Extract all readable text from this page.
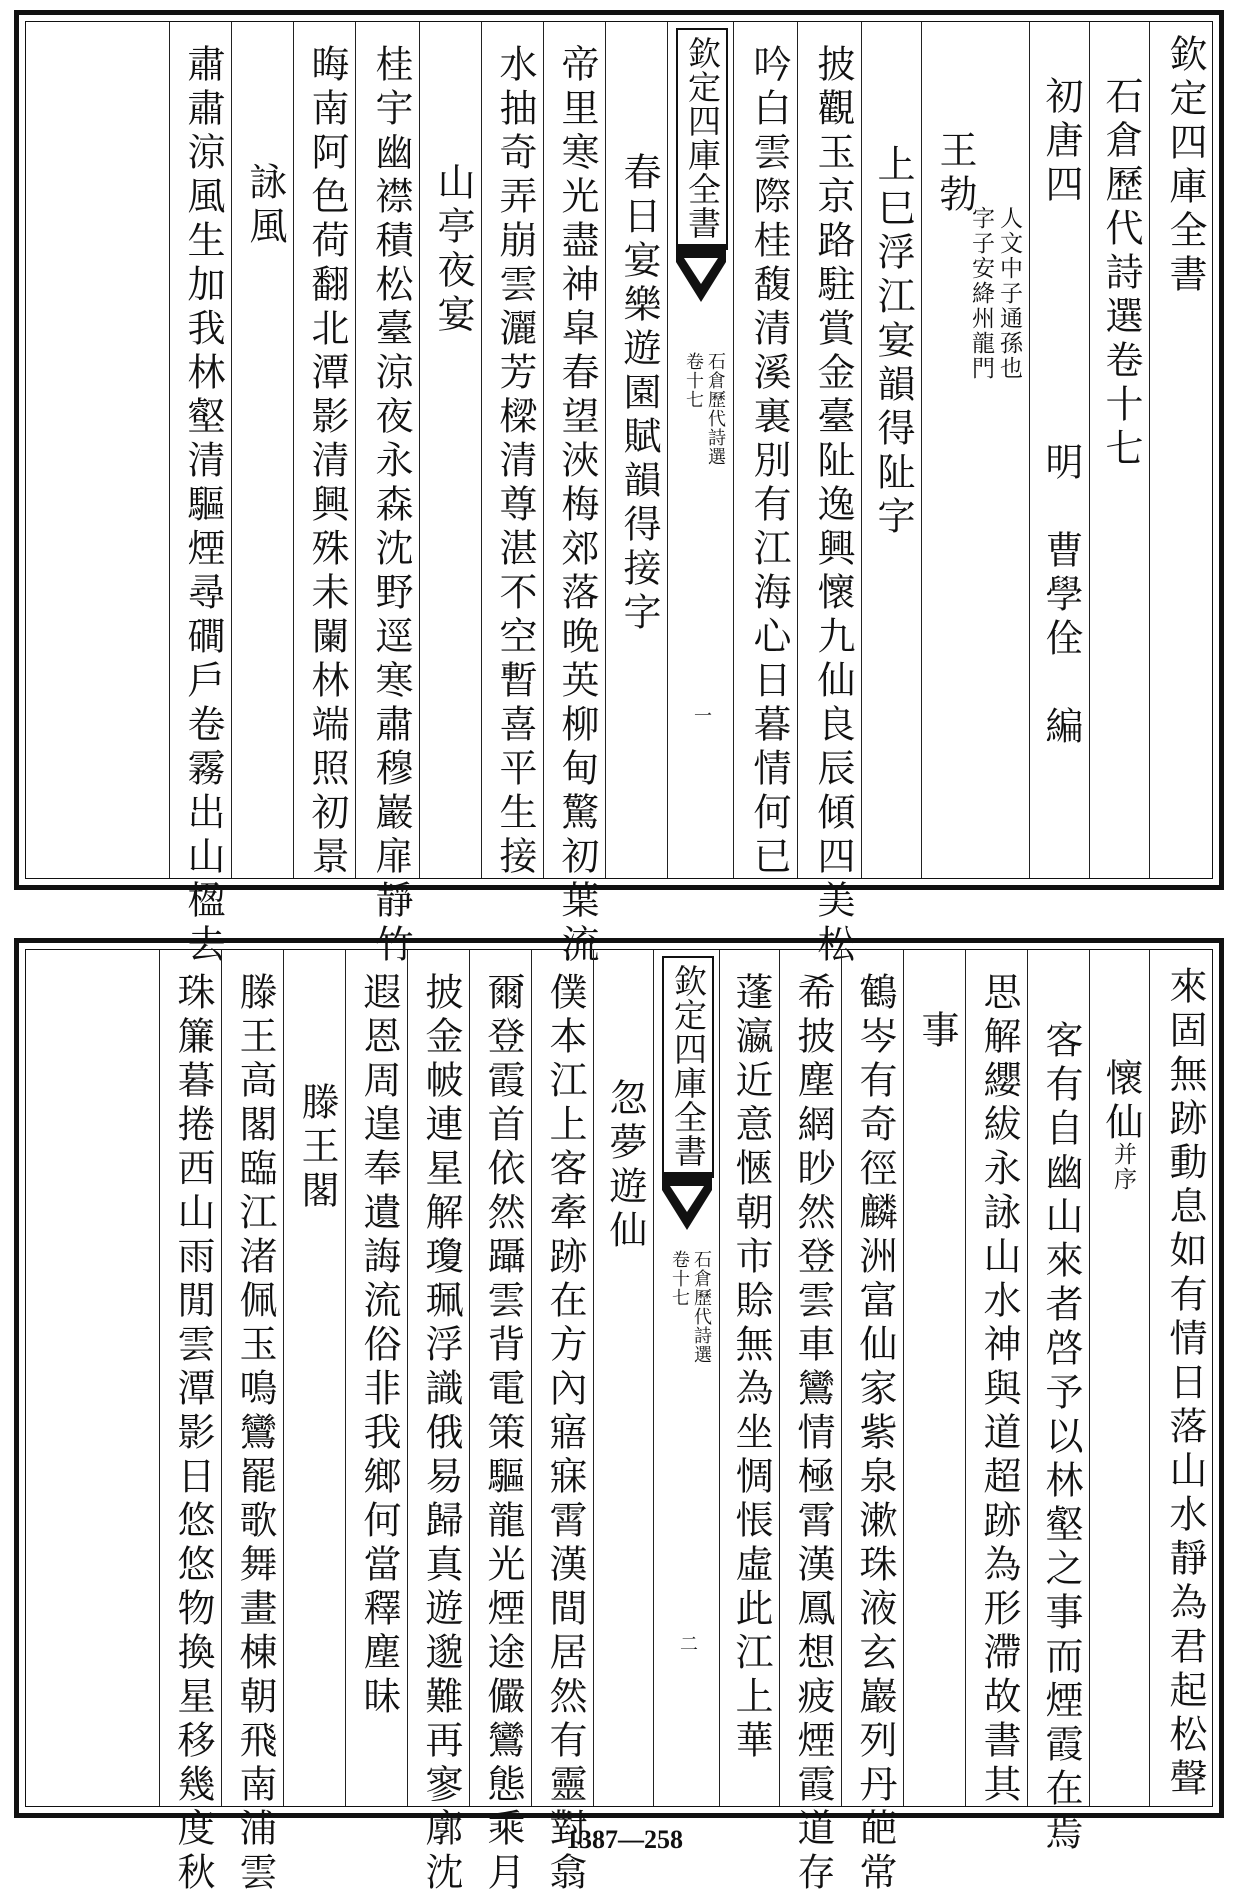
欽定四庫全書
石倉歷代詩選卷十七
初唐四
明　曹學佺　編
王勃
字子安絳州龍門 人文中子通孫也
上巳浮江宴韻得阯字
披觀玉京路駐賞金臺阯逸興懷九仙良辰傾四美松
吟白雲際桂馥清溪裏別有江海心日暮情何已
欽定四庫全書
石倉歷代詩選
卷十七
一
春日宴樂遊園賦韻得接字
帝里寒光盡神皐春望浹梅郊落晚英柳甸驚初葉流
水抽奇弄崩雲灑芳樑清尊湛不空暫喜平生接
山亭夜宴
桂宇幽襟積松臺涼夜永森沈野逕寒肅穆巖扉靜竹
晦南阿色荷翻北潭影清興殊未闌林端照初景
詠風
肅肅涼風生加我林壑清驅煙尋磵戶卷霧出山楹去
來固無跡動息如有情日落山水靜為君起松聲
懷仙
并序
客有自幽山來者啓予以林壑之事而煙霞在焉
思解纓紱永詠山水神與道超跡為形滯故書其
事
鶴岑有奇徑麟洲富仙家紫泉漱珠液玄巖列丹葩常
希披塵網眇然登雲車鸞情極霄漢鳳想疲煙霞道存
蓬瀛近意愜朝市賒無為坐惆悵虛此江上華
欽定四庫全書
石倉歷代詩選
卷十七
二
忽夢遊仙
僕本江上客牽跡在方內寤寐霄漢間居然有靈對翕
爾登霞首依然躡雲背電策驅龍光煙途儼鸞態乘月
披金帔連星解瓊珮浮識俄易歸真遊邈難再寥廓沈
遐恩周遑奉遺誨流俗非我鄉何當釋塵昧
滕王閣
滕王高閣臨江渚佩玉鳴鸞罷歌舞畫棟朝飛南浦雲
珠簾暮捲西山雨閒雲潭影日悠悠物換星移幾度秋	1387—258
